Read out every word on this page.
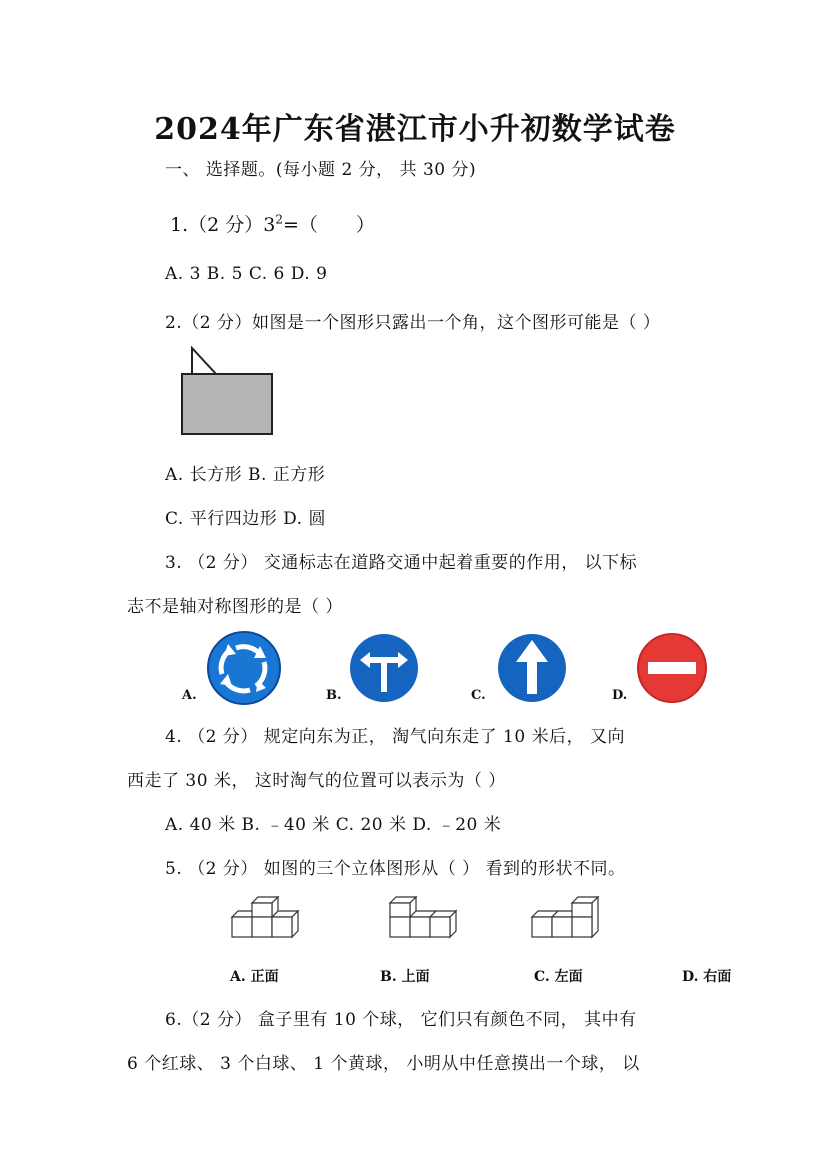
2024年广东省湛江市小升初数学试卷
一、 选择题。(每小题 2 分， 共 30 分)
1.（2 分）$3^2=$（　　）
A. 3 B. 5 C. 6 D. 9
2.（2 分）如图是一个图形只露出一个角，这个图形可能是（ ）
A. 长方形 B. 正方形
C. 平行四边形 D. 圆
3. （2 分） 交通标志在道路交通中起着重要的作用， 以下标
志不是轴对称图形的是（ ）
A.	B.	C.	D.
4. （2 分） 规定向东为正， 淘气向东走了 10 米后， 又向
西走了 30 米， 这时淘气的位置可以表示为（ ）
A. 40 米 B. ﹣40 米 C. 20 米 D. ﹣20 米
5. （2 分） 如图的三个立体图形从（ ） 看到的形状不同。
A. 正面	B. 上面	C. 左面	D. 右面
6.（2 分） 盒子里有 10 个球， 它们只有颜色不同， 其中有
6 个红球、 3 个白球、 1 个黄球， 小明从中任意摸出一个球， 以
